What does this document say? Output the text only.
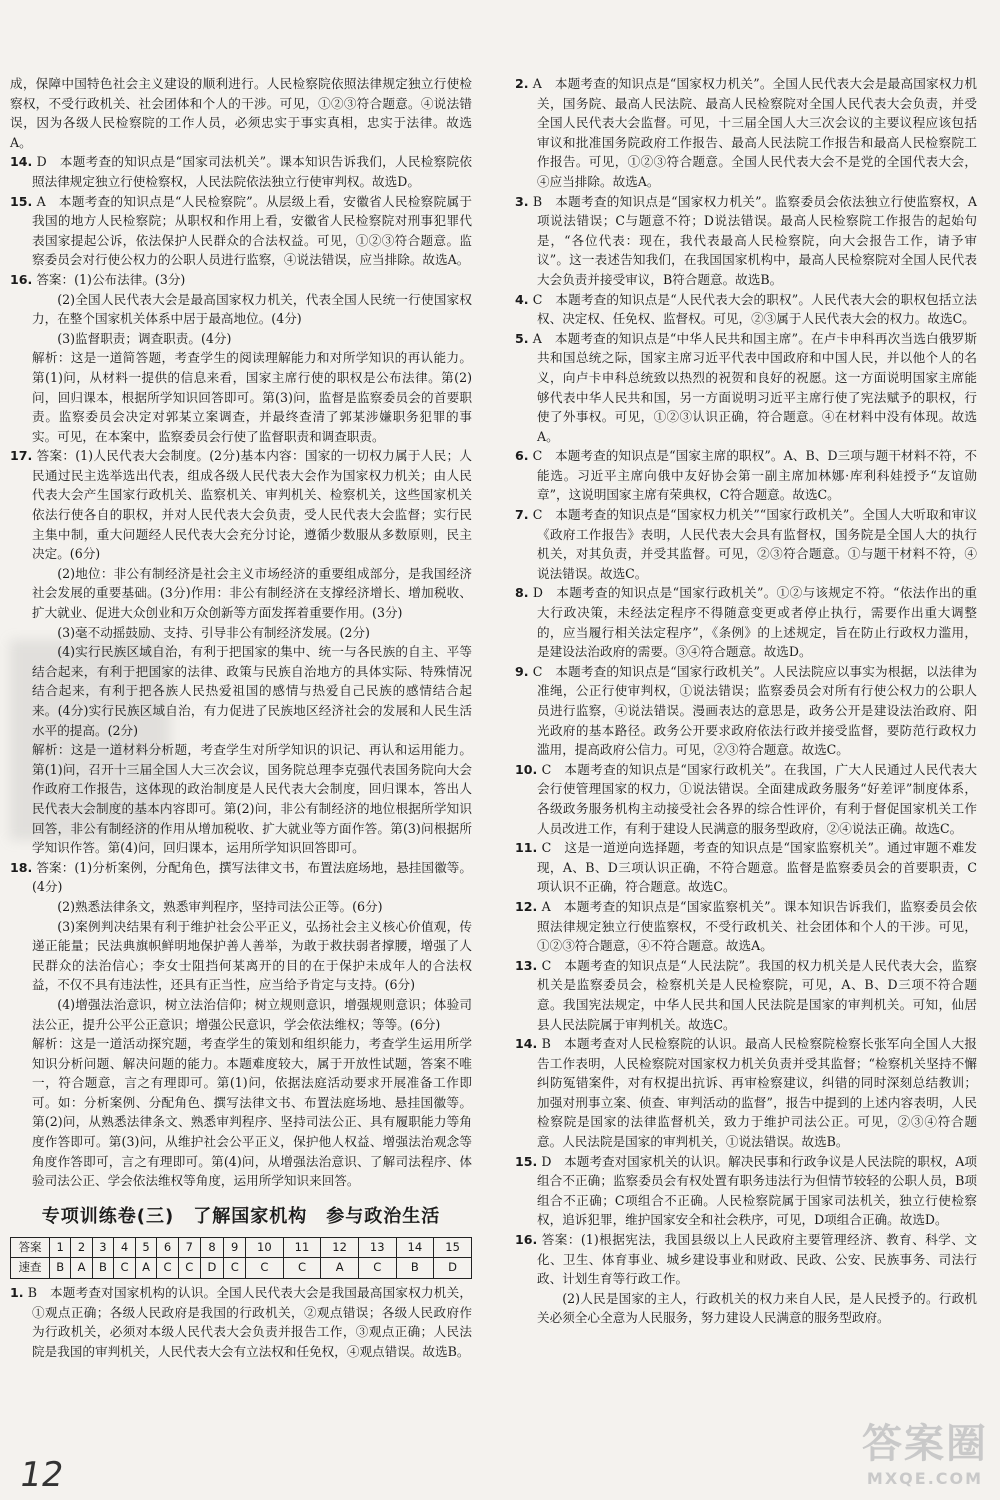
成，保障中国特色社会主义建设的顺利进行。人民检察院依照法律规定独立行使检察权，不受行政机关、社会团体和个人的干涉。可见，①②③符合题意。④说法错误，因为各级人民检察院的工作人员，必须忠实于事实真相，忠实于法律。故选A。

14. D　本题考查的知识点是“国家司法机关”。课本知识告诉我们，人民检察院依照法律规定独立行使检察权，人民法院依法独立行使审判权。故选D。

15. A　本题考查的知识点是“人民检察院”。从层级上看，安徽省人民检察院属于我国的地方人民检察院；从职权和作用上看，安徽省人民检察院对刑事犯罪代表国家提起公诉，依法保护人民群众的合法权益。可见，①②③符合题意。监察委员会对行使公权力的公职人员进行监察，④说法错误，应当排除。故选A。

16. 答案：(1)公布法律。(3分)

(2)全国人民代表大会是最高国家权力机关，代表全国人民统一行使国家权力，在整个国家机关体系中居于最高地位。(4分)

(3)监督职责；调查职责。(4分)

解析：这是一道简答题，考查学生的阅读理解能力和对所学知识的再认能力。第(1)问，从材料一提供的信息来看，国家主席行使的职权是公布法律。第(2)问，回归课本，根据所学知识回答即可。第(3)问，监督是监察委员会的首要职责。监察委员会决定对郭某立案调查，并最终查清了郭某涉嫌职务犯罪的事实。可见，在本案中，监察委员会行使了监督职责和调查职责。

17. 答案：(1)人民代表大会制度。(2分)基本内容：国家的一切权力属于人民；人民通过民主选举选出代表，组成各级人民代表大会作为国家权力机关；由人民代表大会产生国家行政机关、监察机关、审判机关、检察机关，这些国家机关依法行使各自的职权，并对人民代表大会负责，受人民代表大会监督；实行民主集中制，重大问题经人民代表大会充分讨论，遵循少数服从多数原则，民主决定。(6分)

(2)地位：非公有制经济是社会主义市场经济的重要组成部分，是我国经济社会发展的重要基础。(3分)作用：非公有制经济在支撑经济增长、增加税收、扩大就业、促进大众创业和万众创新等方面发挥着重要作用。(3分)

(3)毫不动摇鼓励、支持、引导非公有制经济发展。(2分)

(4)实行民族区域自治，有利于把国家的集中、统一与各民族的自主、平等结合起来，有利于把国家的法律、政策与民族自治地方的具体实际、特殊情况结合起来，有利于把各族人民热爱祖国的感情与热爱自己民族的感情结合起来。(4分)实行民族区域自治，有力促进了民族地区经济社会的发展和人民生活水平的提高。(2分)

解析：这是一道材料分析题，考查学生对所学知识的识记、再认和运用能力。第(1)问，召开十三届全国人大三次会议，国务院总理李克强代表国务院向大会作政府工作报告，这体现的政治制度是人民代表大会制度，回归课本，答出人民代表大会制度的基本内容即可。第(2)问，非公有制经济的地位根据所学知识回答，非公有制经济的作用从增加税收、扩大就业等方面作答。第(3)问根据所学知识作答。第(4)问，回归课本，运用所学知识回答即可。

18. 答案：(1)分析案例，分配角色，撰写法律文书，布置法庭场地，悬挂国徽等。(4分)

(2)熟悉法律条文，熟悉审判程序，坚持司法公正等。(6分)

(3)案例判决结果有利于维护社会公平正义，弘扬社会主义核心价值观，传递正能量；民法典旗帜鲜明地保护善人善举，为敢于救扶弱者撑腰，增强了人民群众的法治信心；李女士阻挡何某离开的目的在于保护未成年人的合法权益，不仅不具有违法性，还具有正当性，应当给予肯定与支持。(6分)

(4)增强法治意识，树立法治信仰；树立规则意识，增强规则意识；体验司法公正，提升公平公正意识；增强公民意识，学会依法维权；等等。(6分)

解析：这是一道活动探究题，考查学生的策划和组织能力，考查学生运用所学知识分析问题、解决问题的能力。本题难度较大，属于开放性试题，答案不唯一，符合题意，言之有理即可。第(1)问，依据法庭活动要求开展准备工作即可。如：分析案例、分配角色、撰写法律文书、布置法庭场地、悬挂国徽等。第(2)问，从熟悉法律条文、熟悉审判程序、坚持司法公正、具有履职能力等角度作答即可。第(3)问，从维护社会公平正义，保护他人权益、增强法治观念等角度作答即可，言之有理即可。第(4)问，从增强法治意识、了解司法程序、体验司法公正、学会依法维权等角度，运用所学知识来回答。

专项训练卷(三)　了解国家机构　参与政治生活
答案	1	2	3	4	5	6	7	8	9	10	11	12	13	14	15
速查	B	A	B	C	A	C	C	D	C	C	C	A	C	B	D

1. B　本题考查对国家机构的认识。全国人民代表大会是我国最高国家权力机关，①观点正确；各级人民政府是我国的行政机关，②观点错误；各级人民政府作为行政机关，必须对本级人民代表大会负责并报告工作，③观点正确；人民法院是我国的审判机关，人民代表大会有立法权和任免权，④观点错误。故选B。

2. A　本题考查的知识点是“国家权力机关”。全国人民代表大会是最高国家权力机关，国务院、最高人民法院、最高人民检察院对全国人民代表大会负责，并受全国人民代表大会监督。可见，十三届全国人大三次会议的主要议程应该包括审议和批准国务院政府工作报告、最高人民法院工作报告和最高人民检察院工作报告。可见，①②③符合题意。全国人民代表大会不是党的全国代表大会，④应当排除。故选A。

3. B　本题考查的知识点是“国家权力机关”。监察委员会依法独立行使监察权，A项说法错误；C与题意不符；D说法错误。最高人民检察院工作报告的起始句是，“各位代表：现在，我代表最高人民检察院，向大会报告工作，请予审议”。这一表述告知我们，在我国国家机构中，最高人民检察院对全国人民代表大会负责并接受审议，B符合题意。故选B。

4. C　本题考查的知识点是“人民代表大会的职权”。人民代表大会的职权包括立法权、决定权、任免权、监督权。可见，②③属于人民代表大会的权力。故选C。

5. A　本题考查的知识点是“中华人民共和国主席”。在卢卡申科再次当选白俄罗斯共和国总统之际，国家主席习近平代表中国政府和中国人民，并以他个人的名义，向卢卡申科总统致以热烈的祝贺和良好的祝愿。这一方面说明国家主席能够代表中华人民共和国，另一方面说明习近平主席行使了宪法赋予的职权，行使了外事权。可见，①②③认识正确，符合题意。④在材料中没有体现。故选A。

6. C　本题考查的知识点是“国家主席的职权”。A、B、D三项与题干材料不符，不能选。习近平主席向俄中友好协会第一副主席加林娜·库利科娃授予“友谊勋章”，这说明国家主席有荣典权，C符合题意。故选C。

7. C　本题考查的知识点是“国家权力机关”“国家行政机关”。全国人大听取和审议《政府工作报告》表明，人民代表大会具有监督权，国务院是全国人大的执行机关，对其负责，并受其监督。可见，②③符合题意。①与题干材料不符，④说法错误。故选C。

8. D　本题考查的知识点是“国家行政机关”。①②与该规定不符。“依法作出的重大行政决策，未经法定程序不得随意变更或者停止执行，需要作出重大调整的，应当履行相关法定程序”，《条例》的上述规定，旨在防止行政权力滥用，是建设法治政府的需要。③④符合题意。故选D。

9. C　本题考查的知识点是“国家行政机关”。人民法院应以事实为根据，以法律为准绳，公正行使审判权，①说法错误；监察委员会对所有行使公权力的公职人员进行监察，④说法错误。漫画表达的意思是，政务公开是建设法治政府、阳光政府的基本路径。政务公开要求政府依法行政并接受监督，要防范行政权力滥用，提高政府公信力。可见，②③符合题意。故选C。

10. C　本题考查的知识点是“国家行政机关”。在我国，广大人民通过人民代表大会行使管理国家的权力，①说法错误。全面建成政务服务“好差评”制度体系，各级政务服务机构主动接受社会各界的综合性评价，有利于督促国家机关工作人员改进工作，有利于建设人民满意的服务型政府，②④说法正确。故选C。

11. C　这是一道逆向选择题，考查的知识点是“国家监察机关”。通过审题不难发现，A、B、D三项认识正确，不符合题意。监督是监察委员会的首要职责，C项认识不正确，符合题意。故选C。

12. A　本题考查的知识点是“国家监察机关”。课本知识告诉我们，监察委员会依照法律规定独立行使监察权，不受行政机关、社会团体和个人的干涉。可见，①②③符合题意，④不符合题意。故选A。

13. C　本题考查的知识点是“人民法院”。我国的权力机关是人民代表大会，监察机关是监察委员会，检察机关是人民检察院，可见，A、B、D三项不符合题意。我国宪法规定，中华人民共和国人民法院是国家的审判机关。可知，仙居县人民法院属于审判机关。故选C。

14. B　本题考查对人民检察院的认识。最高人民检察院检察长张军向全国人大报告工作表明，人民检察院对国家权力机关负责并受其监督；“检察机关坚持不懈纠防冤错案件，对有权提出抗诉、再审检察建议，纠错的同时深刻总结教训；加强对刑事立案、侦查、审判活动的监督”，报告中提到的上述内容表明，人民检察院是国家的法律监督机关，致力于维护司法公正。可见，②③④符合题意。人民法院是国家的审判机关，①说法错误。故选B。

15. D　本题考查对国家机关的认识。解决民事和行政争议是人民法院的职权，A项组合不正确；监察委员会有权处置有职务违法行为但情节较轻的公职人员，B项组合不正确；C项组合不正确。人民检察院属于国家司法机关，独立行使检察权，追诉犯罪，维护国家安全和社会秩序，可见，D项组合正确。故选D。

16. 答案：(1)根据宪法，我国县级以上人民政府主要管理经济、教育、科学、文化、卫生、体育事业、城乡建设事业和财政、民政、公安、民族事务、司法行政、计划生育等行政工作。

(2)人民是国家的主人，行政机关的权力来自人民，是人民授予的。行政机关必须全心全意为人民服务，努力建设人民满意的服务型政府。

12
答案圈
MXQE.COM
